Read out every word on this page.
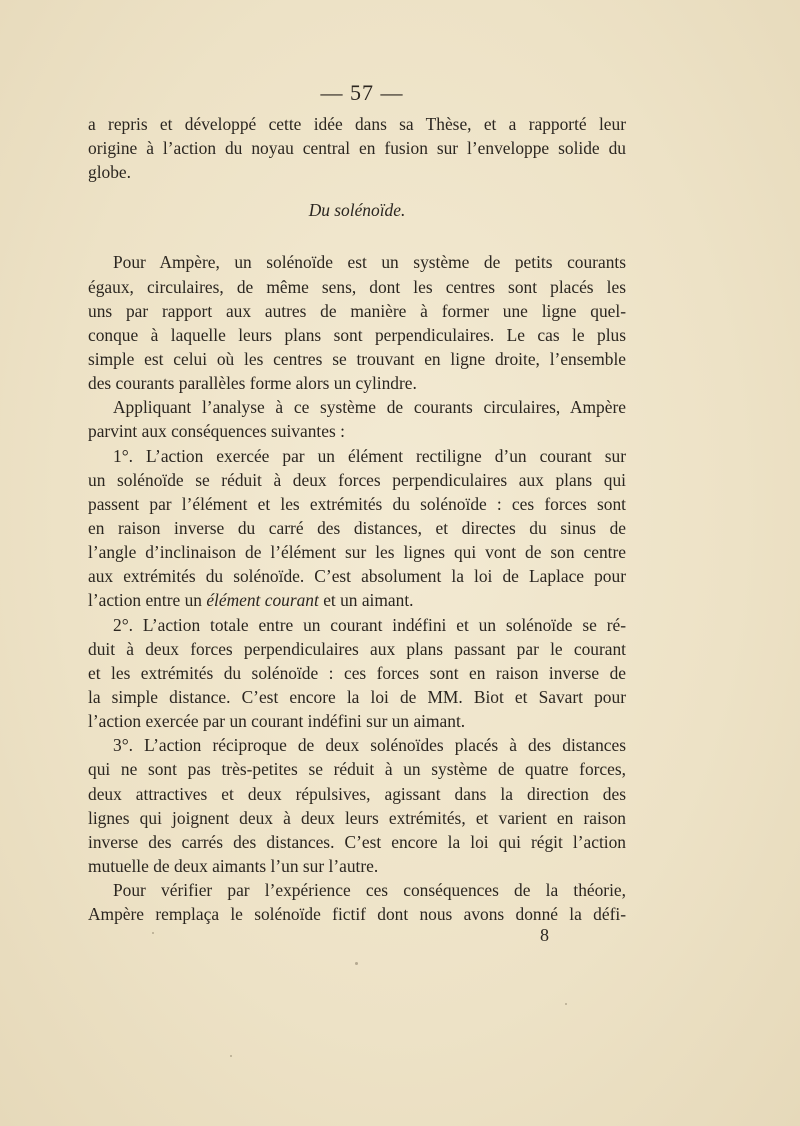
— 57 —
a repris et développé cette idée dans sa Thèse, et a rapporté leur
origine à l’action du noyau central en fusion sur l’enveloppe solide du
globe.
Du solénoïde.
Pour Ampère, un solénoïde est un système de petits courants
égaux, circulaires, de même sens, dont les centres sont placés les
uns par rapport aux autres de manière à former une ligne quel-
conque à laquelle leurs plans sont perpendiculaires. Le cas le plus
simple est celui où les centres se trouvant en ligne droite, l’ensemble
des courants parallèles forme alors un cylindre.
Appliquant l’analyse à ce système de courants circulaires, Ampère
parvint aux conséquences suivantes :
1°. L’action exercée par un élément rectiligne d’un courant sur
un solénoïde se réduit à deux forces perpendiculaires aux plans qui
passent par l’élément et les extrémités du solénoïde : ces forces sont
en raison inverse du carré des distances, et directes du sinus de
l’angle d’inclinaison de l’élément sur les lignes qui vont de son centre
aux extrémités du solénoïde. C’est absolument la loi de Laplace pour
l’action entre un élément courant et un aimant.
2°. L’action totale entre un courant indéfini et un solénoïde se ré-
duit à deux forces perpendiculaires aux plans passant par le courant
et les extrémités du solénoïde : ces forces sont en raison inverse de
la simple distance. C’est encore la loi de MM. Biot et Savart pour
l’action exercée par un courant indéfini sur un aimant.
3°. L’action réciproque de deux solénoïdes placés à des distances
qui ne sont pas très-petites se réduit à un système de quatre forces,
deux attractives et deux répulsives, agissant dans la direction des
lignes qui joignent deux à deux leurs extrémités, et varient en raison
inverse des carrés des distances. C’est encore la loi qui régit l’action
mutuelle de deux aimants l’un sur l’autre.
Pour vérifier par l’expérience ces conséquences de la théorie,
Ampère remplaça le solénoïde fictif dont nous avons donné la défi-
8
